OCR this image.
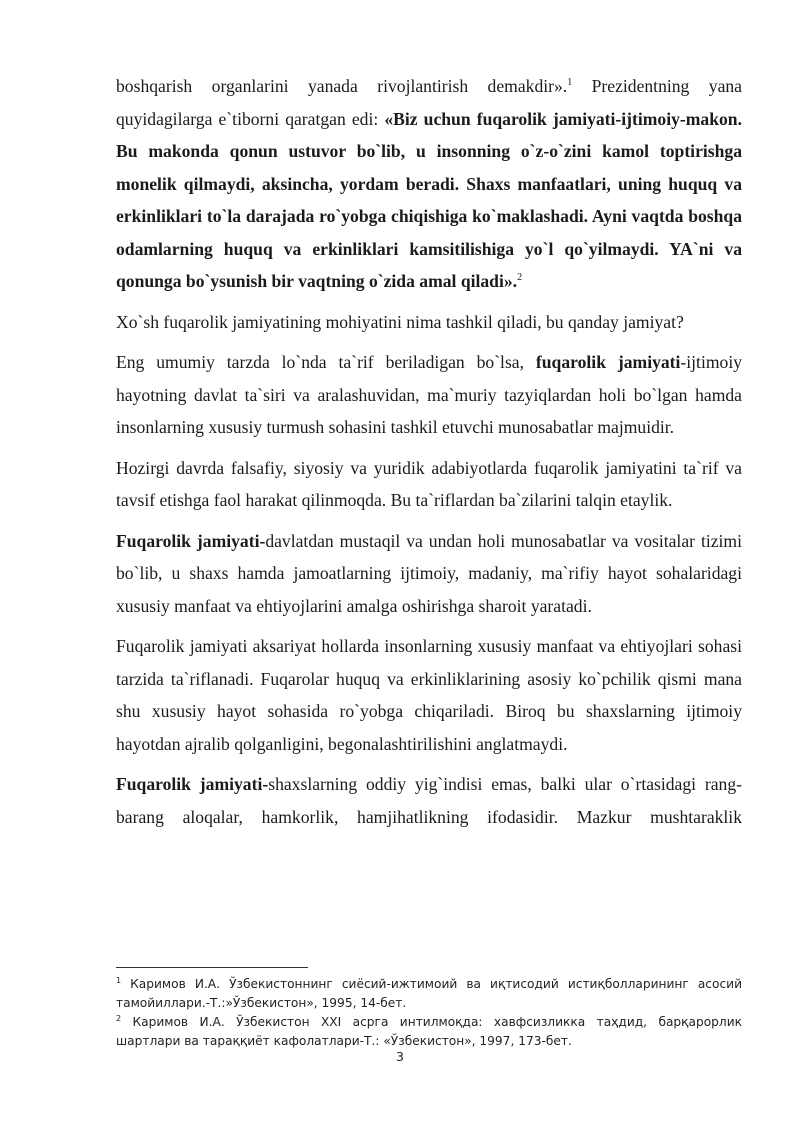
boshqarish organlarini yanada rivojlantirish demakdir».$^1$ Prezidentning yana quyidagilarga e`tiborni qaratgan edi: «Biz uchun fuqarolik jamiyati-ijtimoiy-makon. Bu makonda qonun ustuvor bo`lib, u insonning o`z-o`zini kamol toptirishga monelik qilmaydi, aksincha, yordam beradi. Shaxs manfaatlari, uning huquq va erkinliklari to`la darajada ro`yobga chiqishiga ko`maklashadi. Ayni vaqtda boshqa odamlarning huquq va erkinliklari kamsitilishiga yo`l qo`yilmaydi. YA`ni va qonunga bo`ysunish bir vaqtning o`zida amal qiladi».$^2$

Xo`sh fuqarolik jamiyatining mohiyatini nima tashkil qiladi, bu qanday jamiyat?

Eng umumiy tarzda lo`nda ta`rif beriladigan bo`lsa, fuqarolik jamiyati-ijtimoiy hayotning davlat ta`siri va aralashuvidan, ma`muriy tazyiqlardan holi bo`lgan hamda insonlarning xususiy turmush sohasini tashkil etuvchi munosabatlar majmuidir.

Hozirgi davrda falsafiy, siyosiy va yuridik adabiyotlarda fuqarolik jamiyatini ta`rif va tavsif etishga faol harakat qilinmoqda. Bu ta`riflardan ba`zilarini talqin etaylik.

Fuqarolik jamiyati-davlatdan mustaqil va undan holi munosabatlar va vositalar tizimi bo`lib, u shaxs hamda jamoatlarning ijtimoiy, madaniy, ma`rifiy hayot sohalaridagi xususiy manfaat va ehtiyojlarini amalga oshirishga sharoit yaratadi.

Fuqarolik jamiyati aksariyat hollarda insonlarning xususiy manfaat va ehtiyojlari sohasi tarzida ta`riflanadi. Fuqarolar huquq va erkinliklarining asosiy ko`pchilik qismi mana shu xususiy hayot sohasida ro`yobga chiqariladi. Biroq bu shaxslarning ijtimoiy hayotdan ajralib qolganligini, begonalashtirilishini anglatmaydi.

Fuqarolik jamiyati-shaxslarning oddiy yig`indisi emas, balki ular o`rtasidagi rang-barang aloqalar, hamkorlik, hamjihatlikning ifodasidir. Mazkur mushtaraklik

$^1$ Каримов И.А. Ўзбекистоннинг сиёсий-ижтимоий ва иқтисодий истиқболларининг асосий тамойиллари.-Т.:»Ўзбекистон», 1995, 14-бет.

$^2$ Каримов И.А. Ўзбекистон XXI асрга интилмоқда: хавфсизликка таҳдид, барқарорлик шартлари ва тараққиёт кафолатлари-Т.: «Ўзбекистон», 1997, 173-бет.

3
